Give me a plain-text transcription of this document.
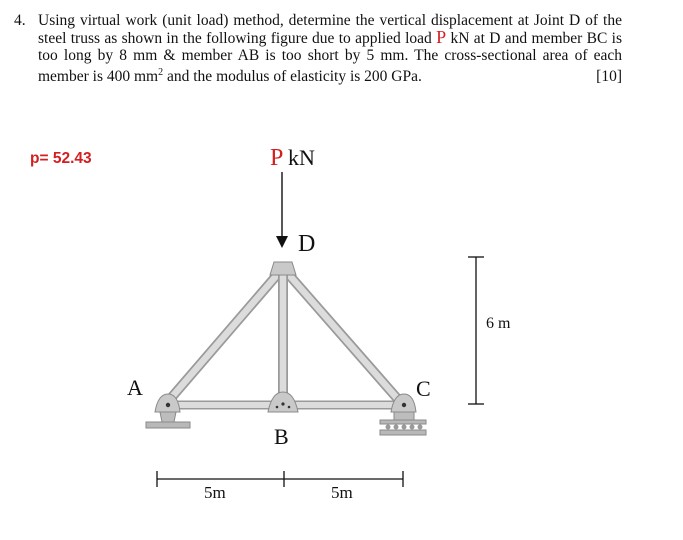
4. Using virtual work (unit load) method, determine the vertical displacement at Joint D of the steel truss as shown in the following figure due to applied load P kN at D and member BC is too long by 8 mm & member AB is too short by 5 mm. The cross-sectional area of each member is 400 $mm^2$ and the modulus of elasticity is 200 GPa.	[10]
p= 52.43	P kN
D
A	C
B
6 m
5m	5m
